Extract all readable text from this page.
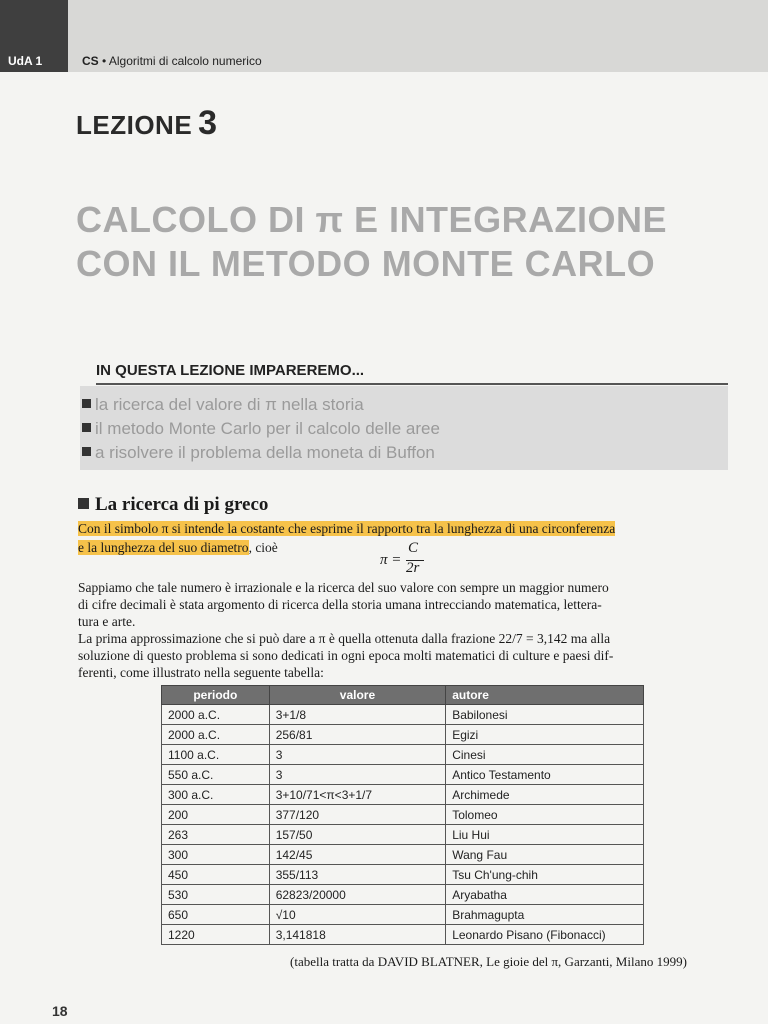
UdA 1	CS • Algoritmi di calcolo numerico
LEZIONE 3
CALCOLO DI π E INTEGRAZIONE
CON IL METODO MONTE CARLO
IN QUESTA LEZIONE IMPAREREMO...
la ricerca del valore di π nella storia
il metodo Monte Carlo per il calcolo delle aree
a risolvere il problema della moneta di Buffon
La ricerca di pi greco
Con il simbolo π si intende la costante che esprime il rapporto tra la lunghezza di una circonferenza
e la lunghezza del suo diametro, cioè
π =
C
2r
Sappiamo che tale numero è irrazionale e la ricerca del suo valore con sempre un maggior numero
di cifre decimali è stata argomento di ricerca della storia umana intrecciando matematica, lettera-
tura e arte.
La prima approssimazione che si può dare a π è quella ottenuta dalla frazione 22/7 = 3,142 ma alla
soluzione di questo problema si sono dedicati in ogni epoca molti matematici di culture e paesi dif-
ferenti, come illustrato nella seguente tabella:
periodo	valore	autore
2000 a.C.	3+1/8	Babilonesi
2000 a.C.	256/81	Egizi
1100 a.C.	3	Cinesi
550 a.C.	3	Antico Testamento
300 a.C.	3+10/71<π<3+1/7	Archimede
200	377/120	Tolomeo
263	157/50	Liu Hui
300	142/45	Wang Fau
450	355/113	Tsu Ch'ung-chih
530	62823/20000	Aryabatha
650	√10	Brahmagupta
1220	3,141818	Leonardo Pisano (Fibonacci)
(tabella tratta da DAVID BLATNER, Le gioie del π, Garzanti, Milano 1999)
18
